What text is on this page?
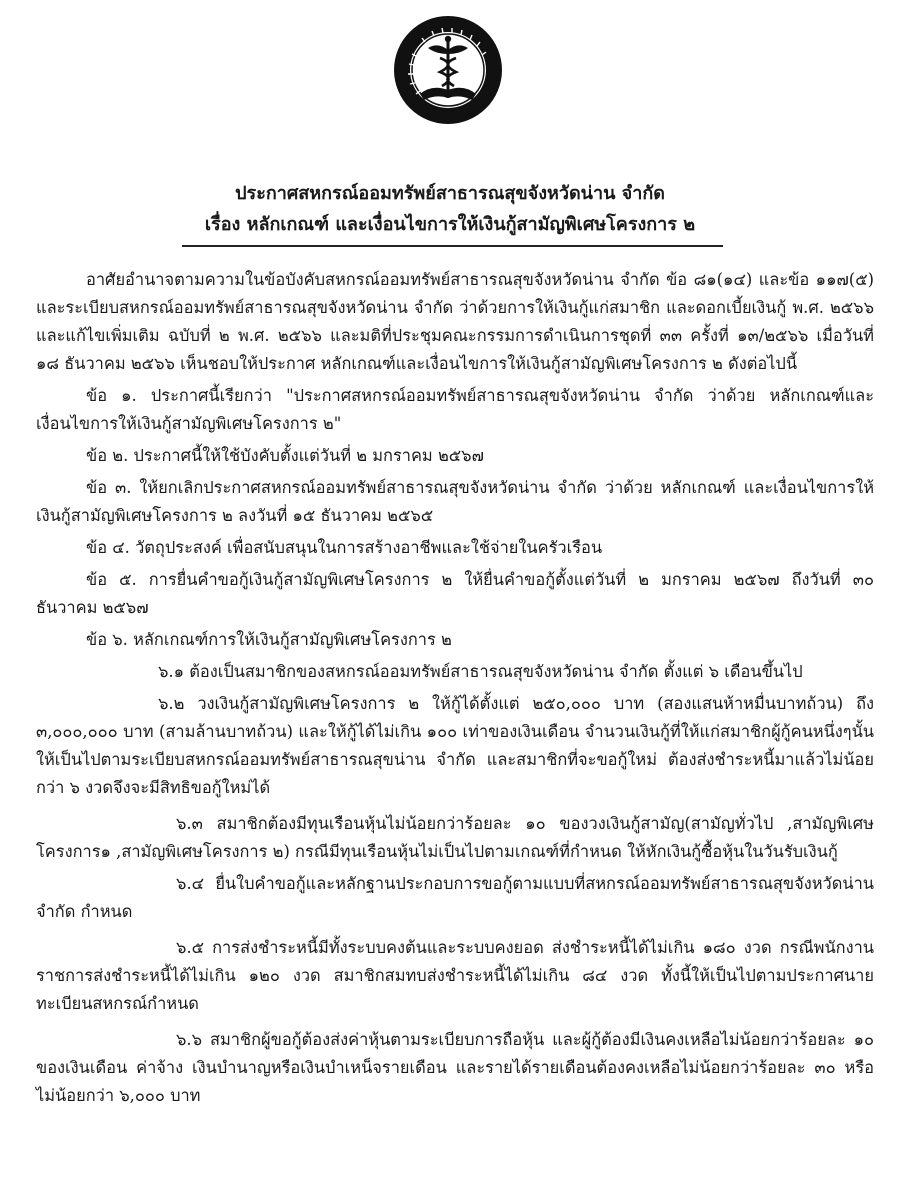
ประกาศสหกรณ์ออมทรัพย์สาธารณสุขจังหวัดน่าน จำกัด
เรื่อง หลักเกณฑ์ และเงื่อนไขการให้เงินกู้สามัญพิเศษโครงการ ๒

อาศัยอำนาจตามความในข้อบังคับสหกรณ์ออมทรัพย์สาธารณสุขจังหวัดน่าน จำกัด ข้อ ๘๑(๑๔) และข้อ ๑๑๗(๕) และระเบียบสหกรณ์ออมทรัพย์สาธารณสุขจังหวัดน่าน จำกัด ว่าด้วยการให้เงินกู้แก่สมาชิก และดอกเบี้ยเงินกู้ พ.ศ. ๒๕๖๖ และแก้ไขเพิ่มเติม ฉบับที่ ๒ พ.ศ. ๒๕๖๖ และมติที่ประชุมคณะกรรมการดำเนินการชุดที่ ๓๓ ครั้งที่ ๑๓/๒๕๖๖ เมื่อวันที่ ๑๘ ธันวาคม ๒๕๖๖ เห็นชอบให้ประกาศ หลักเกณฑ์และเงื่อนไขการให้เงินกู้สามัญพิเศษโครงการ ๒ ดังต่อไปนี้

ข้อ ๑. ประกาศนี้เรียกว่า "ประกาศสหกรณ์ออมทรัพย์สาธารณสุขจังหวัดน่าน จำกัด ว่าด้วย หลักเกณฑ์และเงื่อนไขการให้เงินกู้สามัญพิเศษโครงการ ๒"

ข้อ ๒. ประกาศนี้ให้ใช้บังคับตั้งแต่วันที่ ๒ มกราคม ๒๕๖๗

ข้อ ๓. ให้ยกเลิกประกาศสหกรณ์ออมทรัพย์สาธารณสุขจังหวัดน่าน จำกัด ว่าด้วย หลักเกณฑ์ และเงื่อนไขการให้เงินกู้สามัญพิเศษโครงการ ๒ ลงวันที่ ๑๕ ธันวาคม ๒๕๖๕

ข้อ ๔. วัตถุประสงค์ เพื่อสนับสนุนในการสร้างอาชีพและใช้จ่ายในครัวเรือน

ข้อ ๕. การยื่นคำขอกู้เงินกู้สามัญพิเศษโครงการ ๒ ให้ยื่นคำขอกู้ตั้งแต่วันที่ ๒ มกราคม ๒๕๖๗ ถึงวันที่ ๓๐ ธันวาคม ๒๕๖๗

ข้อ ๖. หลักเกณฑ์การให้เงินกู้สามัญพิเศษโครงการ ๒

๖.๑ ต้องเป็นสมาชิกของสหกรณ์ออมทรัพย์สาธารณสุขจังหวัดน่าน จำกัด ตั้งแต่ ๖ เดือนขึ้นไป

๖.๒ วงเงินกู้สามัญพิเศษโครงการ ๒ ให้กู้ได้ตั้งแต่ ๒๕๐,๐๐๐ บาท (สองแสนห้าหมื่นบาทถ้วน) ถึง ๓,๐๐๐,๐๐๐ บาท (สามล้านบาทถ้วน) และให้กู้ได้ไม่เกิน ๑๐๐ เท่าของเงินเดือน จำนวนเงินกู้ที่ให้แก่สมาชิกผู้กู้คนหนึ่งๆนั้น ให้เป็นไปตามระเบียบสหกรณ์ออมทรัพย์สาธารณสุขน่าน จำกัด และสมาชิกที่จะขอกู้ใหม่ ต้องส่งชำระหนี้มาแล้วไม่น้อยกว่า ๖ งวดจึงจะมีสิทธิขอกู้ใหม่ได้

๖.๓ สมาชิกต้องมีทุนเรือนหุ้นไม่น้อยกว่าร้อยละ ๑๐ ของวงเงินกู้สามัญ(สามัญทั่วไป ,สามัญพิเศษโครงการ๑ ,สามัญพิเศษโครงการ ๒) กรณีมีทุนเรือนหุ้นไม่เป็นไปตามเกณฑ์ที่กำหนด ให้หักเงินกู้ซื้อหุ้นในวันรับเงินกู้

๖.๔ ยื่นใบคำขอกู้และหลักฐานประกอบการขอกู้ตามแบบที่สหกรณ์ออมทรัพย์สาธารณสุขจังหวัดน่าน จำกัด กำหนด

๖.๕ การส่งชำระหนี้มีทั้งระบบคงต้นและระบบคงยอด ส่งชำระหนี้ได้ไม่เกิน ๑๘๐ งวด กรณีพนักงานราชการส่งชำระหนี้ได้ไม่เกิน ๑๒๐ งวด สมาชิกสมทบส่งชำระหนี้ได้ไม่เกิน ๘๔ งวด ทั้งนี้ให้เป็นไปตามประกาศนายทะเบียนสหกรณ์กำหนด

๖.๖ สมาชิกผู้ขอกู้ต้องส่งค่าหุ้นตามระเบียบการถือหุ้น และผู้กู้ต้องมีเงินคงเหลือไม่น้อยกว่าร้อยละ ๑๐ ของเงินเดือน ค่าจ้าง เงินบำนาญหรือเงินบำเหน็จรายเดือน และรายได้รายเดือนต้องคงเหลือไม่น้อยกว่าร้อยละ ๓๐ หรือไม่น้อยกว่า ๖,๐๐๐ บาท
